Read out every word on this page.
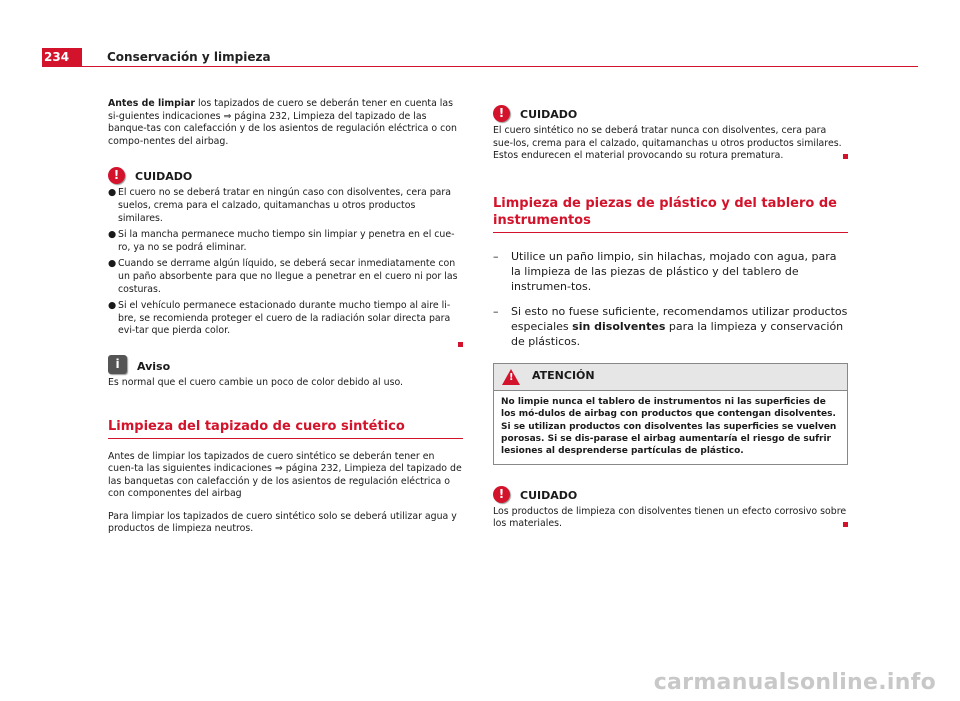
234	Conservación y limpieza

Antes de limpiar los tapizados de cuero se deberán tener en cuenta las si-guientes indicaciones ⇒ página 232, Limpieza del tapizado de las banque-tas con calefacción y de los asientos de regulación eléctrica o con compo-nentes del airbag.

!	CUIDADO
● El cuero no se deberá tratar en ningún caso con disolventes, cera para suelos, crema para el calzado, quitamanchas u otros productos similares.
● Si la mancha permanece mucho tiempo sin limpiar y penetra en el cue-ro, ya no se podrá eliminar.
● Cuando se derrame algún líquido, se deberá secar inmediatamente con un paño absorbente para que no llegue a penetrar en el cuero ni por las costuras.
● Si el vehículo permanece estacionado durante mucho tiempo al aire li-bre, se recomienda proteger el cuero de la radiación solar directa para evi-tar que pierda color.
i	Aviso

Es normal que el cuero cambie un poco de color debido al uso.

Limpieza del tapizado de cuero sintético

Antes de limpiar los tapizados de cuero sintético se deberán tener en cuen-ta las siguientes indicaciones ⇒ página 232, Limpieza del tapizado de las banquetas con calefacción y de los asientos de regulación eléctrica o con componentes del airbag

Para limpiar los tapizados de cuero sintético solo se deberá utilizar agua y productos de limpieza neutros.

!	CUIDADO

El cuero sintético no se deberá tratar nunca con disolventes, cera para sue-los, crema para el calzado, quitamanchas u otros productos similares. Estos endurecen el material provocando su rotura prematura.

Limpieza de piezas de plástico y del tablero de instrumentos
– Utilice un paño limpio, sin hilachas, mojado con agua, para la limpieza de las piezas de plástico y del tablero de instrumen-tos.
– Si esto no fuese suficiente, recomendamos utilizar productos especiales sin disolventes para la limpieza y conservación de plásticos.
! ATENCIÓN
No limpie nunca el tablero de instrumentos ni las superficies de los mó-dulos de airbag con productos que contengan disolventes. Si se utilizan productos con disolventes las superficies se vuelven porosas. Si se dis-parase el airbag aumentaría el riesgo de sufrir lesiones al desprenderse partículas de plástico.
!	CUIDADO

Los productos de limpieza con disolventes tienen un efecto corrosivo sobre los materiales.

carmanualsonline.info
